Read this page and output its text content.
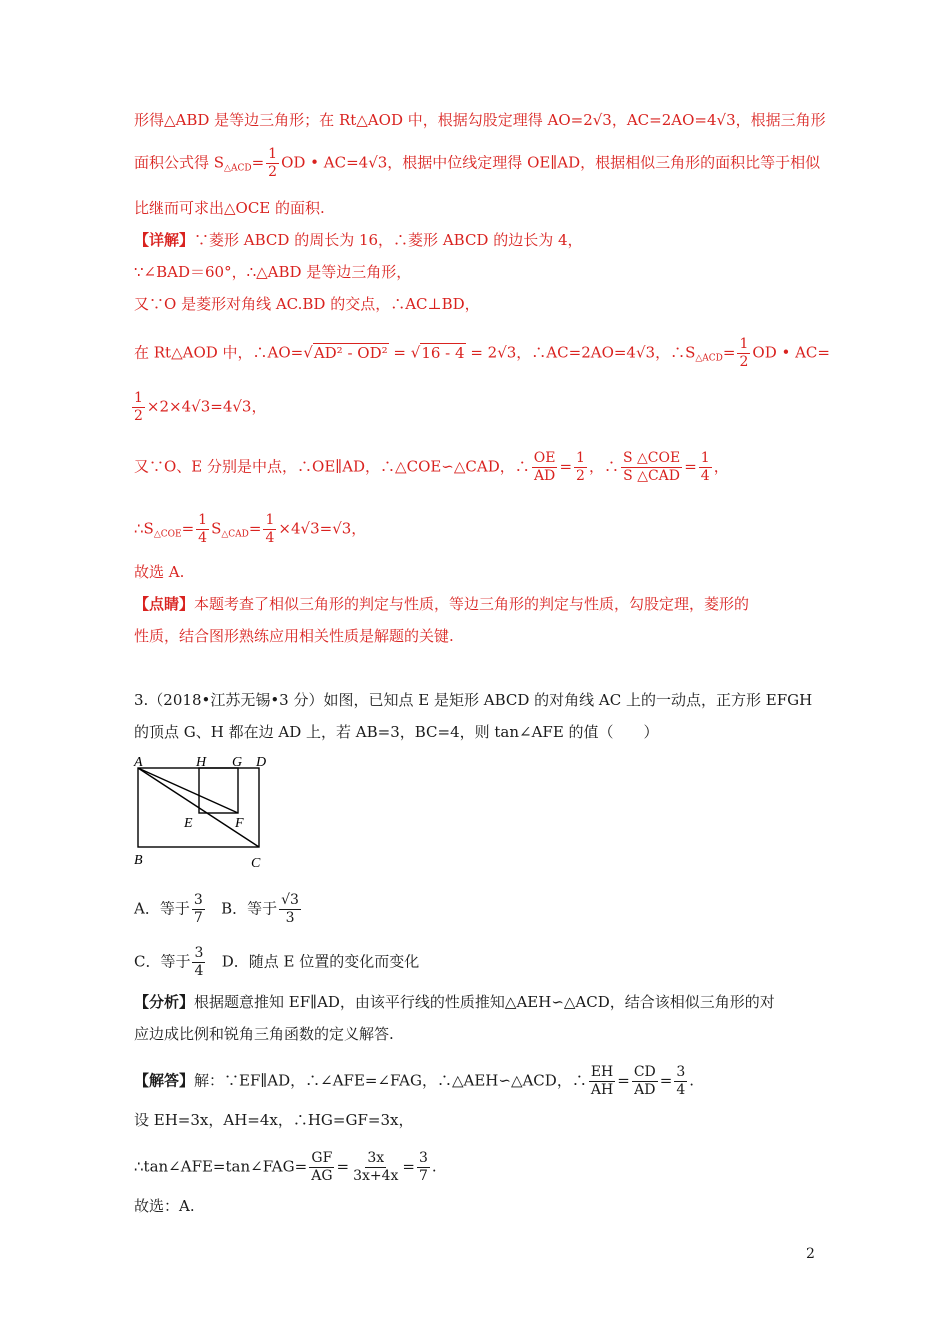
形得△ABD 是等边三角形；在 Rt△AOD 中，根据勾股定理得 AO=2√3，AC=2AO=4√3，根据三角形
面积公式得 $S_{\triangle ACD}= \frac{1}{2}$ OD • AC=4√3，根据中位线定理得 OE∥AD，根据相似三角形的面积比等于相似
比继而可求出△OCE 的面积.
【详解】∵菱形 ABCD 的周长为 16，∴菱形 ABCD 的边长为 4，
∵∠BAD＝60°，∴△ABD 是等边三角形，
又∵O 是菱形对角线 AC.BD 的交点，∴AC⊥BD，
在 Rt△AOD 中，∴AO=√AD² - OD² = √16 - 4 = 2√3，∴AC=2AO=4√3，$\therefore S_{\triangle ACD}= \frac{1}{2}$ OD • AC=
$\frac{1}{2} \times 2\times 4√3=4√3$，
又∵O、E 分别是中点，∴OE∥AD，∴△COE∽△CAD，∴ $\frac{OE}{AD} = \frac{1}{2}$ ，∴ $\frac{\text{S △COE}}{\text{S △CAD}} = \frac{1}{4}$ ，
$\therefore S_{\triangle COE}= \frac{1}{4} S_{\triangle CAD}= \frac{1}{4} \times 4√3=√3$，
故选 A.
【点睛】本题考查了相似三角形的判定与性质，等边三角形的判定与性质，勾股定理，菱形的
性质，结合图形熟练应用相关性质是解题的关键.
3.（2018•江苏无锡•3 分）如图，已知点 E 是矩形 ABCD 的对角线 AC 上的一动点，正方形 EFGH
的顶点 G、H 都在边 AD 上，若 AB=3，BC=4，则 tan∠AFE 的值（　　）
A	H G D
E	F
B	C
A．等于 $\frac{3}{7}$ B．等于 $\frac{√3}{3}$
C．等于 $\frac{3}{4}$ D．随点 E 位置的变化而变化
【分析】根据题意推知 EF∥AD，由该平行线的性质推知△AEH∽△ACD，结合该相似三角形的对
应边成比例和锐角三角函数的定义解答.
【解答】解：∵EF∥AD，∴∠AFE=∠FAG，∴△AEH∽△ACD，∴ $\frac{EH}{AH} = \frac{CD}{AD} = \frac{3}{4}$ .
设 EH=3x，AH=4x，∴HG=GF=3x，
∴tan∠AFE=tan∠FAG= $\frac{GF}{AG} = \frac{3x}{3x+4x} = \frac{3}{7}$ .
故选：A.
2
